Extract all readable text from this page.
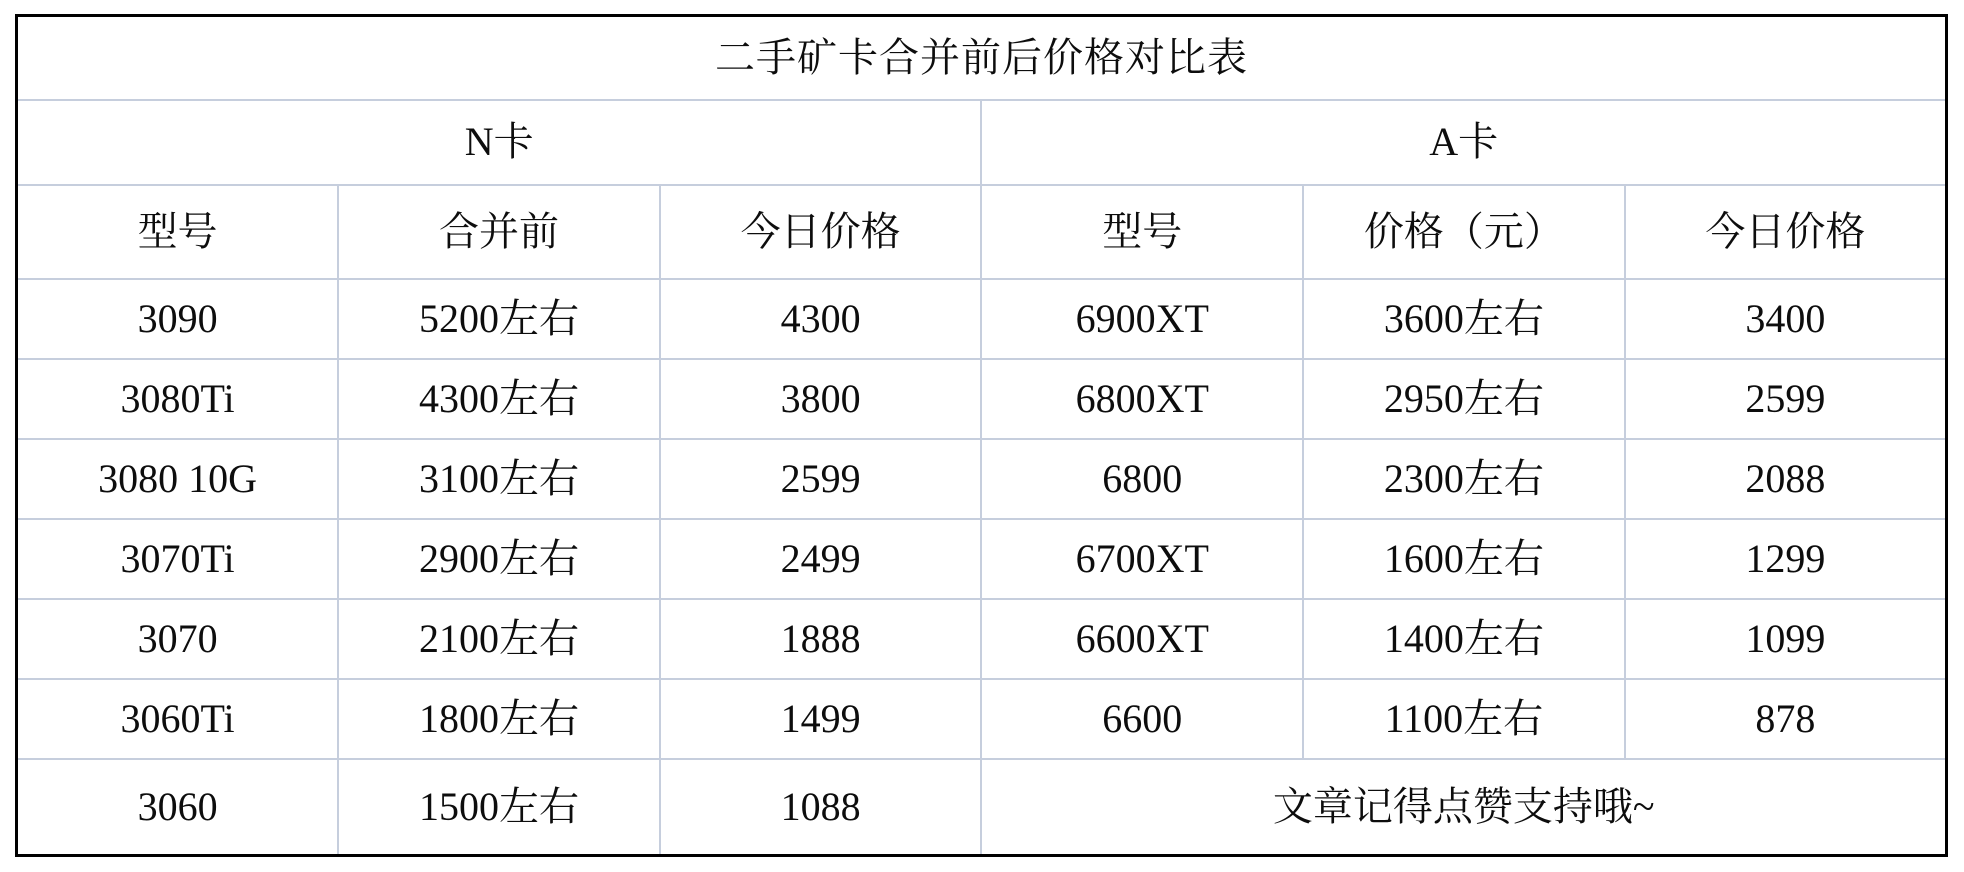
二手矿卡合并前后价格对比表					
N卡			A卡		
型号	合并前	今日价格	型号	价格（元）	今日价格
3090	5200左右	4300	6900XT	3600左右	3400
3080Ti	4300左右	3800	6800XT	2950左右	2599
3080 10G	3100左右	2599	6800	2300左右	2088
3070Ti	2900左右	2499	6700XT	1600左右	1299
3070	2100左右	1888	6600XT	1400左右	1099
3060Ti	1800左右	1499	6600	1100左右	878
3060	1500左右	1088	文章记得点赞支持哦~		
